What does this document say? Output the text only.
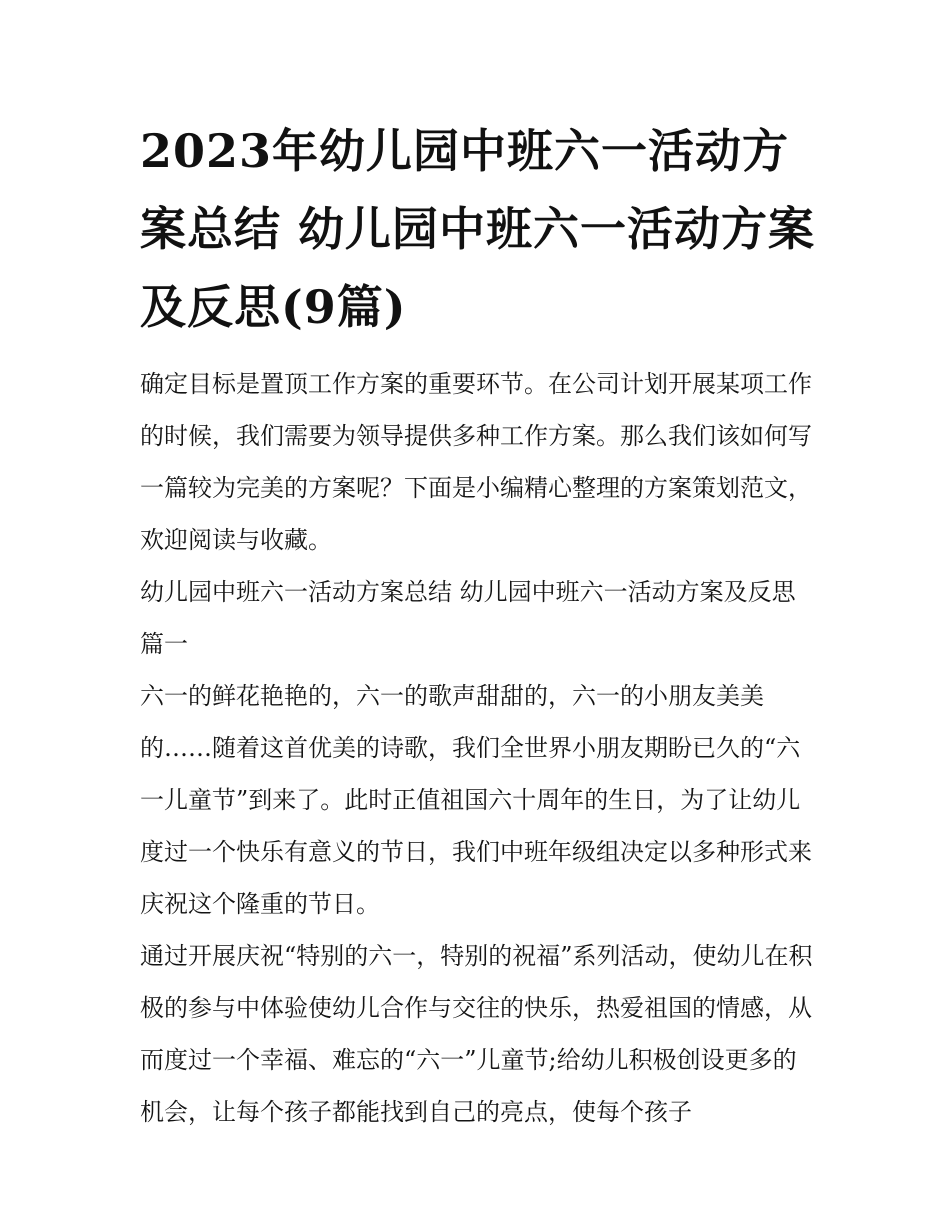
2023年幼儿园中班六一活动方案总结 幼儿园中班六一活动方案及反思(9篇)

确定目标是置顶工作方案的重要环节。在公司计划开展某项工作的时候，我们需要为领导提供多种工作方案。那么我们该如何写一篇较为完美的方案呢？下面是小编精心整理的方案策划范文，欢迎阅读与收藏。

幼儿园中班六一活动方案总结 幼儿园中班六一活动方案及反思篇一

六一的鲜花艳艳的，六一的歌声甜甜的，六一的小朋友美美的……随着这首优美的诗歌，我们全世界小朋友期盼已久的“六一儿童节”到来了。此时正值祖国六十周年的生日，为了让幼儿度过一个快乐有意义的节日，我们中班年级组决定以多种形式来庆祝这个隆重的节日。

通过开展庆祝“特别的六一，特别的祝福”系列活动，使幼儿在积极的参与中体验使幼儿合作与交往的快乐，热爱祖国的情感，从而度过一个幸福、难忘的“六一”儿童节;给幼儿积极创设更多的机会，让每个孩子都能找到自己的亮点，使每个孩子
